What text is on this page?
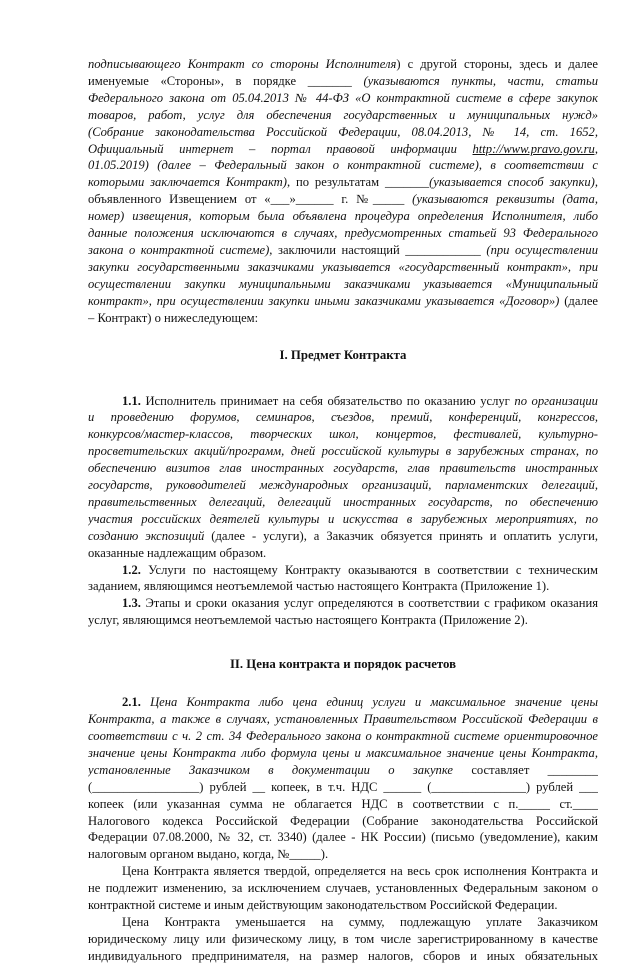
подписывающего Контракт со стороны Исполнителя) с другой стороны, здесь и далее
именуемые «Стороны», в порядке _______ (указываются пункты, части, статьи
Федерального закона от 05.04.2013 № 44-ФЗ «О контрактной системе в сфере закупок
товаров, работ, услуг для обеспечения государственных и муниципальных нужд»
(Собрание законодательства Российской Федерации, 08.04.2013, № 14, ст. 1652,
Официальный интернет – портал правовой информации http://www.pravo.gov.ru,
01.05.2019) (далее – Федеральный закон о контрактной системе), в соответствии с
которыми заключается Контракт), по результатам _______(указывается способ закупки),
объявленного Извещением от «___»______ г. №_____ (указываются реквизиты (дата,
номер) извещения, которым была объявлена процедура определения Исполнителя, либо
данные положения исключаются в случаях, предусмотренных статьей 93 Федерального
закона о контрактной системе), заключили настоящий ____________ (при осуществлении
закупки государственными заказчиками указывается «государственный контракт», при
осуществлении закупки муниципальными заказчиками указывается «Муниципальный
контракт», при осуществлении закупки иными заказчиками указывается «Договор») (далее
– Контракт) о нижеследующем:
I. Предмет Контракта
1.1. Исполнитель принимает на себя обязательство по оказанию услуг по организации
и проведению форумов, семинаров, съездов, премий, конференций, конгрессов,
конкурсов/мастер-классов, творческих школ, концертов, фестивалей, культурно-
просветительских акций/программ, дней российской культуры в зарубежных странах, по
обеспечению визитов глав иностранных государств, глав правительств иностранных
государств, руководителей международных организаций, парламентских делегаций,
правительственных делегаций, делегаций иностранных государств, по обеспечению
участия российских деятелей культуры и искусства в зарубежных мероприятиях, по
созданию экспозиций (далее - услуги), а Заказчик обязуется принять и оплатить услуги,
оказанные надлежащим образом.
1.2. Услуги по настоящему Контракту оказываются в соответствии с техническим
заданием, являющимся неотъемлемой частью настоящего Контракта (Приложение 1).
1.3. Этапы и сроки оказания услуг определяются в соответствии с графиком оказания
услуг, являющимся неотъемлемой частью настоящего Контракта (Приложение 2).
II. Цена контракта и порядок расчетов
2.1. Цена Контракта либо цена единиц услуги и максимальное значение цены
Контракта, а также в случаях, установленных Правительством Российской Федерации в
соответствии с ч. 2 ст. 34 Федерального закона о контрактной системе ориентировочное
значение цены Контракта либо формула цены и максимальное значение цены Контракта,
установленные Заказчиком в документации о закупке составляет ________
(_________________) рублей __ копеек, в т.ч. НДС ______ (_______________) рублей ___
копеек (или указанная сумма не облагается НДС в соответствии с п._____ ст.____
Налогового кодекса Российской Федерации (Собрание законодательства Российской
Федерации 07.08.2000, № 32, ст. 3340) (далее - НК России) (письмо (уведомление), каким
налоговым органом выдано, когда, №_____).
Цена Контракта является твердой, определяется на весь срок исполнения Контракта и
не подлежит изменению, за исключением случаев, установленных Федеральным законом о
контрактной системе и иным действующим законодательством Российской Федерации.
Цена Контракта уменьшается на сумму, подлежащую уплате Заказчиком
юридическому лицу или физическому лицу, в том числе зарегистрированному в качестве
индивидуального предпринимателя, на размер налогов, сборов и иных обязательных
